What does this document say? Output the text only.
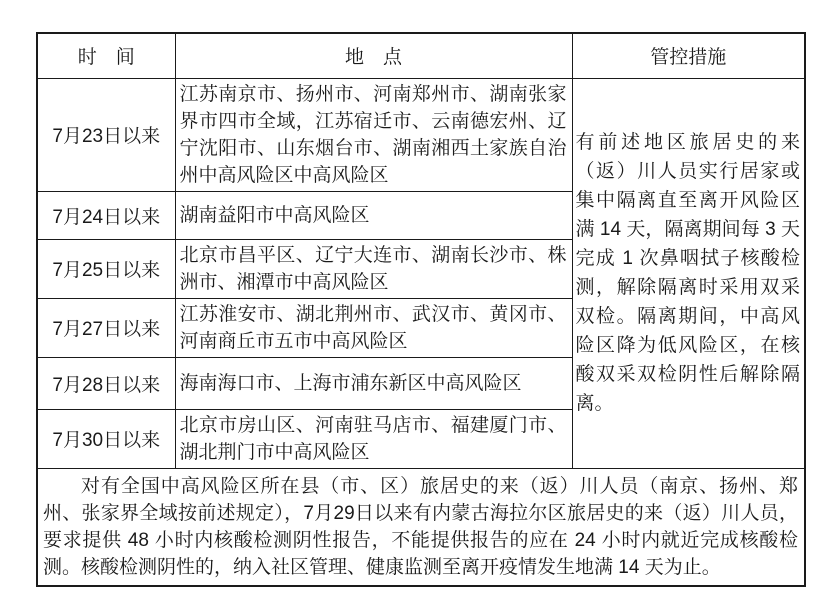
时　间	地　点	管控措施
7月23日以来	江苏南京市、扬州市、河南郑州市、湖南张家界市四市全域，江苏宿迁市、云南德宏州、辽宁沈阳市、山东烟台市、湖南湘西土家族自治州中高风险区中高风险区	有前述地区旅居史的来（返）川人员实行居家或集中隔离直至离开风险区满 14 天，隔离期间每 3 天完成 1 次鼻咽拭子核酸检测，解除隔离时采用双采双检。隔离期间，中高风险区降为低风险区，在核酸双采双检阴性后解除隔离。
7月24日以来	湖南益阳市中高风险区	
7月25日以来	北京市昌平区、辽宁大连市、湖南长沙市、株洲市、湘潭市中高风险区	
7月27日以来	江苏淮安市、湖北荆州市、武汉市、黄冈市、河南商丘市五市中高风险区	
7月28日以来	海南海口市、上海市浦东新区中高风险区	
7月30日以来	北京市房山区、河南驻马店市、福建厦门市、湖北荆门市中高风险区	
对有全国中高风险区所在县（市、区）旅居史的来（返）川人员（南京、扬州、郑州、张家界全域按前述规定），7月29日以来有内蒙古海拉尔区旅居史的来（返）川人员，要求提供 48 小时内核酸检测阴性报告，不能提供报告的应在 24 小时内就近完成核酸检测。核酸检测阴性的，纳入社区管理、健康监测至离开疫情发生地满 14 天为止。		
